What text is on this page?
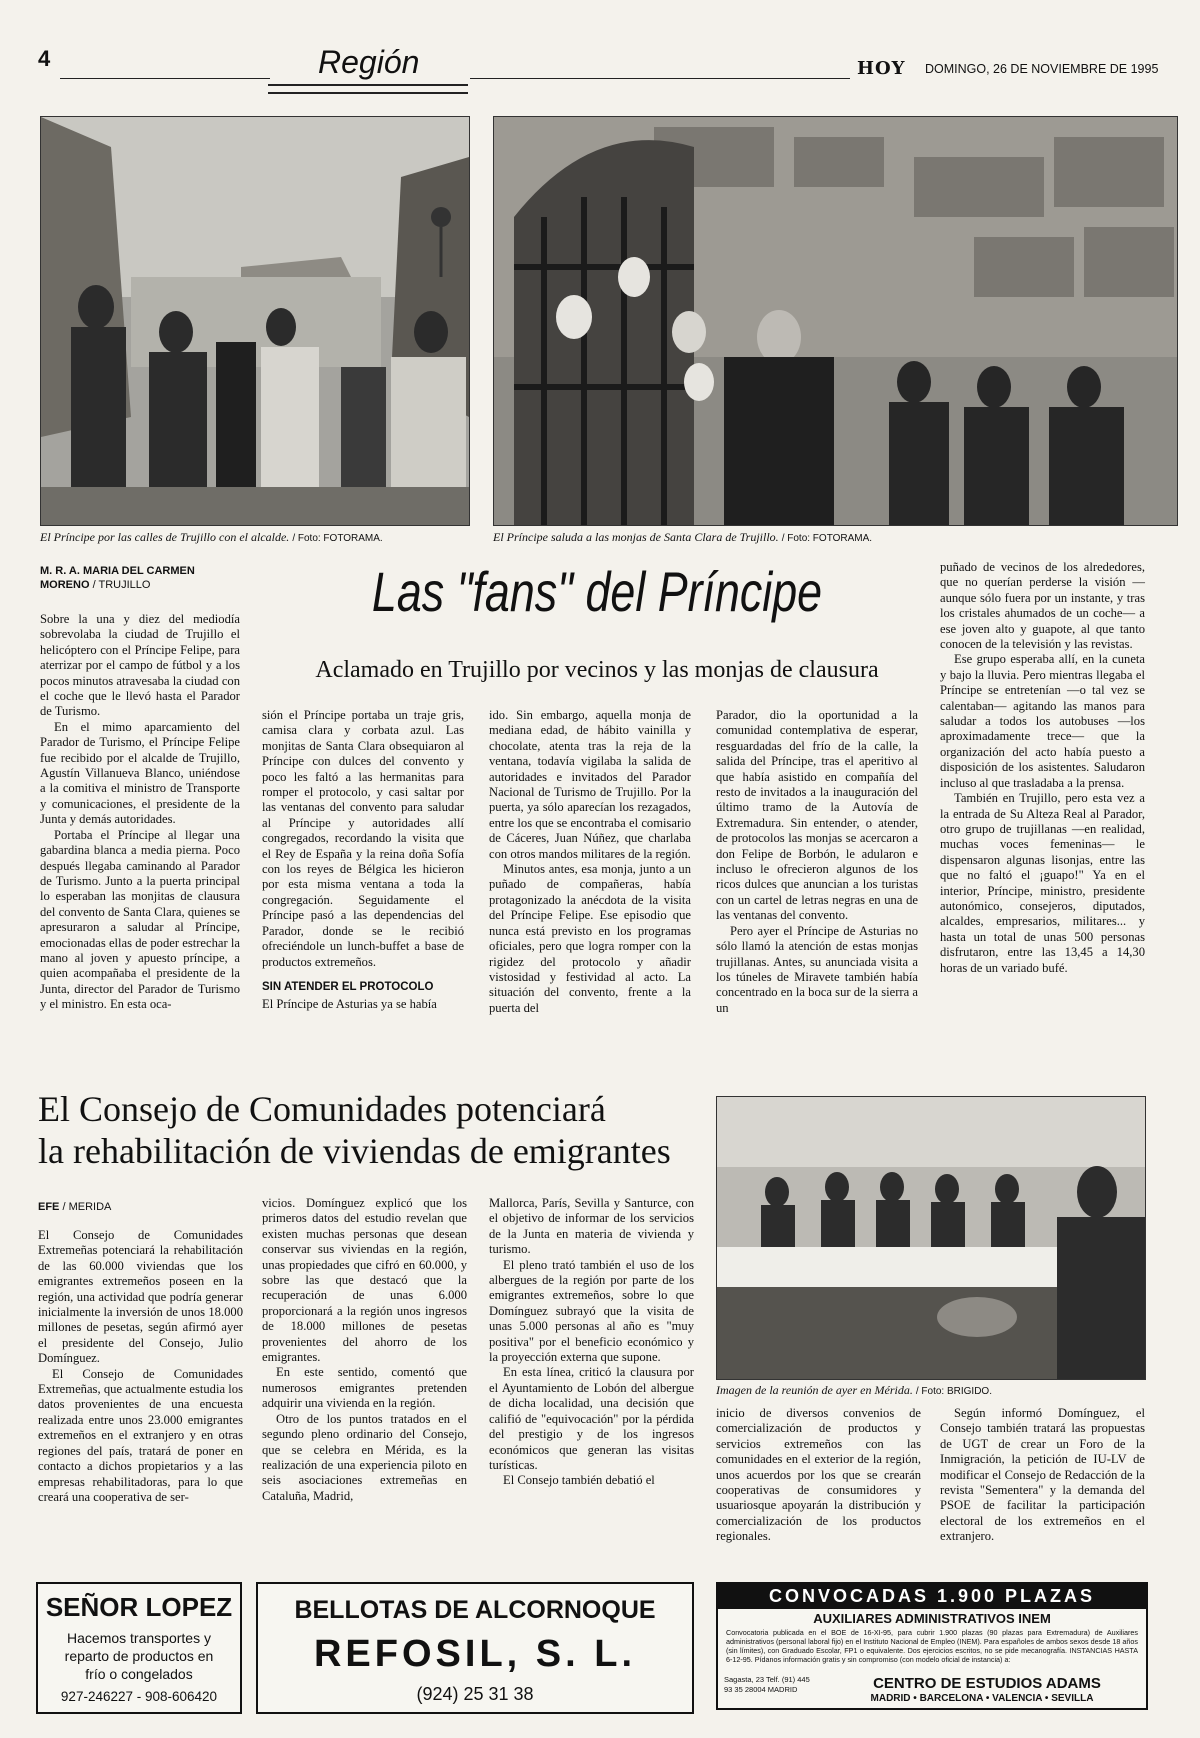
4	Región	HOY DOMINGO, 26 DE NOVIEMBRE DE 1995
El Príncipe por las calles de Trujillo con el alcalde. / Foto: FOTORAMA.	El Príncipe saluda a las monjas de Santa Clara de Trujillo. / Foto: FOTORAMA.
M. R. A. MARIA DEL CARMEN MORENO / TRUJILLO	Las "fans" del Príncipe
Aclamado en Trujillo por vecinos y las monjas de clausura

Sobre la una y diez del mediodía sobrevolaba la ciudad de Trujillo el helicóptero con el Príncipe Felipe, para aterrizar por el campo de fútbol y a los pocos minutos atravesaba la ciudad con el coche que le llevó hasta el Parador de Turismo.

En el mimo aparcamiento del Parador de Turismo, el Príncipe Felipe fue recibido por el alcalde de Trujillo, Agustín Villanueva Blanco, uniéndose a la comitiva el ministro de Transporte y comunicaciones, el presidente de la Junta y demás autoridades.

Portaba el Príncipe al llegar una gabardina blanca a media pierna. Poco después llegaba caminando al Parador de Turismo. Junto a la puerta principal lo esperaban las monjitas de clausura del convento de Santa Clara, quienes se apresuraron a saludar al Príncipe, emocionadas ellas de poder estrechar la mano al joven y apuesto príncipe, a quien acompañaba el presidente de la Junta, director del Parador de Turismo y el ministro. En esta oca-

sión el Príncipe portaba un traje gris, camisa clara y corbata azul. Las monjitas de Santa Clara obsequiaron al Príncipe con dulces del convento y poco les faltó a las hermanitas para romper el protocolo, y casi saltar por las ventanas del convento para saludar al Príncipe y autoridades allí congregados, recordando la visita que el Rey de España y la reina doña Sofía con los reyes de Bélgica les hicieron por esta misma ventana a toda la congregación. Seguidamente el Príncipe pasó a las dependencias del Parador, donde se le recibió ofreciéndole un lunch-buffet a base de productos extremeños.

SIN ATENDER EL PROTOCOLO

El Príncipe de Asturias ya se había

ido. Sin embargo, aquella monja de mediana edad, de hábito vainilla y chocolate, atenta tras la reja de la ventana, todavía vigilaba la salida de autoridades e invitados del Parador Nacional de Turismo de Trujillo. Por la puerta, ya sólo aparecían los rezagados, entre los que se encontraba el comisario de Cáceres, Juan Núñez, que charlaba con otros mandos militares de la región.

Minutos antes, esa monja, junto a un puñado de compañeras, había protagonizado la anécdota de la visita del Príncipe Felipe. Ese episodio que nunca está previsto en los programas oficiales, pero que logra romper con la rigidez del protocolo y añadir vistosidad y festividad al acto. La situación del convento, frente a la puerta del

Parador, dio la oportunidad a la comunidad contemplativa de esperar, resguardadas del frío de la calle, la salida del Príncipe, tras el aperitivo al que había asistido en compañía del resto de invitados a la inauguración del último tramo de la Autovía de Extremadura. Sin entender, o atender, de protocolos las monjas se acercaron a don Felipe de Borbón, le adularon e incluso le ofrecieron algunos de los ricos dulces que anuncian a los turistas con un cartel de letras negras en una de las ventanas del convento.

Pero ayer el Príncipe de Asturias no sólo llamó la atención de estas monjas trujillanas. Antes, su anunciada visita a los túneles de Miravete también había concentrado en la boca sur de la sierra a un

puñado de vecinos de los alrededores, que no querían perderse la visión —aunque sólo fuera por un instante, y tras los cristales ahumados de un coche— a ese joven alto y guapote, al que tanto conocen de la televisión y las revistas.

Ese grupo esperaba allí, en la cuneta y bajo la lluvia. Pero mientras llegaba el Príncipe se entretenían —o tal vez se calentaban— agitando las manos para saludar a todos los autobuses —los aproximadamente trece— que la organización del acto había puesto a disposición de los asistentes. Saludaron incluso al que trasladaba a la prensa.

También en Trujillo, pero esta vez a la entrada de Su Alteza Real al Parador, otro grupo de trujillanas —en realidad, muchas voces femeninas— le dispensaron algunas lisonjas, entre las que no faltó el ¡guapo!" Ya en el interior, Príncipe, ministro, presidente autonómico, consejeros, diputados, alcaldes, empresarios, militares... y hasta un total de unas 500 personas disfrutaron, entre las 13,45 a 14,30 horas de un variado bufé.

El Consejo de Comunidades potenciará
la rehabilitación de viviendas de emigrantes
EFE / MERIDA
Imagen de la reunión de ayer en Mérida. / Foto: BRIGIDO.

El Consejo de Comunidades Extremeñas potenciará la rehabilitación de las 60.000 viviendas que los emigrantes extremeños poseen en la región, una actividad que podría generar inicialmente la inversión de unos 18.000 millones de pesetas, según afirmó ayer el presidente del Consejo, Julio Domínguez.

El Consejo de Comunidades Extremeñas, que actualmente estudia los datos provenientes de una encuesta realizada entre unos 23.000 emigrantes extremeños en el extranjero y en otras regiones del país, tratará de poner en contacto a dichos propietarios y a las empresas rehabilitadoras, para lo que creará una cooperativa de ser-

vicios. Domínguez explicó que los primeros datos del estudio revelan que existen muchas personas que desean conservar sus viviendas en la región, unas propiedades que cifró en 60.000, y sobre las que destacó que la recuperación de unas 6.000 proporcionará a la región unos ingresos de 18.000 millones de pesetas provenientes del ahorro de los emigrantes.

En este sentido, comentó que numerosos emigrantes pretenden adquirir una vivienda en la región.

Otro de los puntos tratados en el segundo pleno ordinario del Consejo, que se celebra en Mérida, es la realización de una experiencia piloto en seis asociaciones extremeñas en Cataluña, Madrid,

Mallorca, París, Sevilla y Santurce, con el objetivo de informar de los servicios de la Junta en materia de vivienda y turismo.

El pleno trató también el uso de los albergues de la región por parte de los emigrantes extremeños, sobre lo que Domínguez subrayó que la visita de unas 5.000 personas al año es "muy positiva" por el beneficio económico y la proyección externa que supone.

En esta línea, criticó la clausura por el Ayuntamiento de Lobón del albergue de dicha localidad, una decisión que califió de "equivocación" por la pérdida del prestigio y de los ingresos económicos que generan las visitas turísticas.

El Consejo también debatió el

inicio de diversos convenios de comercialización de productos y servicios extremeños con las comunidades en el exterior de la región, unos acuerdos por los que se crearán cooperativas de consumidores y usuariosque apoyarán la distribución y comercialización de los productos regionales.

Según informó Domínguez, el Consejo también tratará las propuestas de UGT de crear un Foro de la Inmigración, la petición de IU-LV de modificar el Consejo de Redacción de la revista "Sementera" y la demanda del PSOE de facilitar la participación electoral de los extremeños en el extranjero.

SEÑOR LOPEZ
Hacemos transportes y reparto de productos en frío o congelados
927-246227 - 908-606420
BELLOTAS DE ALCORNOQUE
REFOSIL, S. L.
(924) 25 31 38
CONVOCADAS 1.900 PLAZAS
AUXILIARES ADMINISTRATIVOS INEM
Convocatoria publicada en el BOE de 16-XI-95, para cubrir 1.900 plazas (90 plazas para Extremadura) de Auxiliares administrativos (personal laboral fijo) en el Instituto Nacional de Empleo (INEM). Para españoles de ambos sexos desde 18 años (sin límites), con Graduado Escolar, FP1 o equivalente. Dos ejercicios escritos, no se pide mecanografía. INSTANCIAS HASTA 6-12-95. Pídanos información gratis y sin compromiso (con modelo oficial de instancia) a:
Sagasta, 23 Telf. (91) 445 93 35 28004 MADRID	CENTRO DE ESTUDIOS ADAMS
MADRID • BARCELONA • VALENCIA • SEVILLA
